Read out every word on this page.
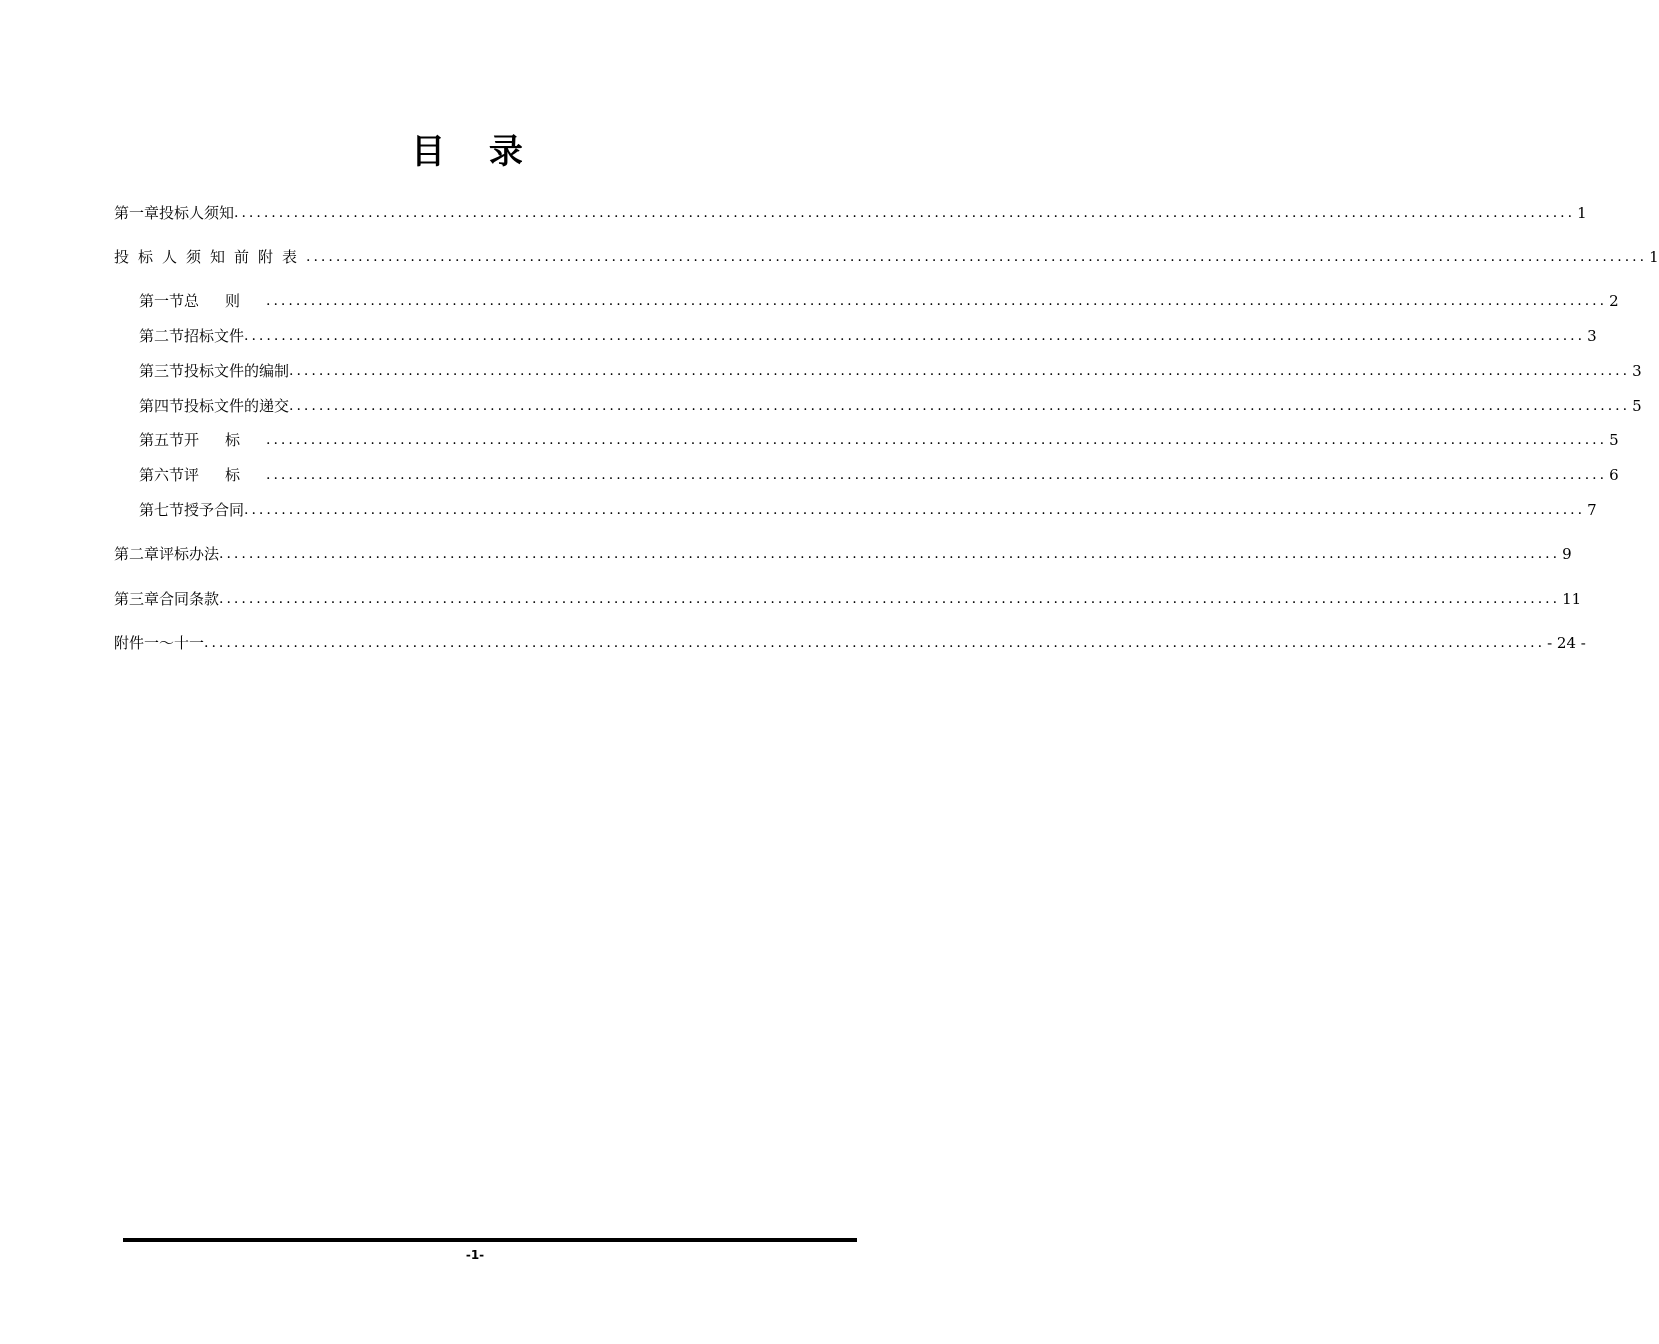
目 录
第一章 投标人须知 .................................................................................................................................................................................... 1
投标人须知前附表 .................................................................................................................................................................................... 1
第一节 总则 .................................................................................................................................................................................... 2
第二节 招标文件 .................................................................................................................................................................................... 3
第三节 投标文件的编制 .................................................................................................................................................................................... 3
第四节 投标文件的递交 .................................................................................................................................................................................... 5
第五节 开标 .................................................................................................................................................................................... 5
第六节 评标 .................................................................................................................................................................................... 6
第七节 授予合同 .................................................................................................................................................................................... 7
第二章 评标办法 .................................................................................................................................................................................... 9
第三章 合同条款 .................................................................................................................................................................................... 11
附件一～十一 .................................................................................................................................................................................... - 24 -
-1-
